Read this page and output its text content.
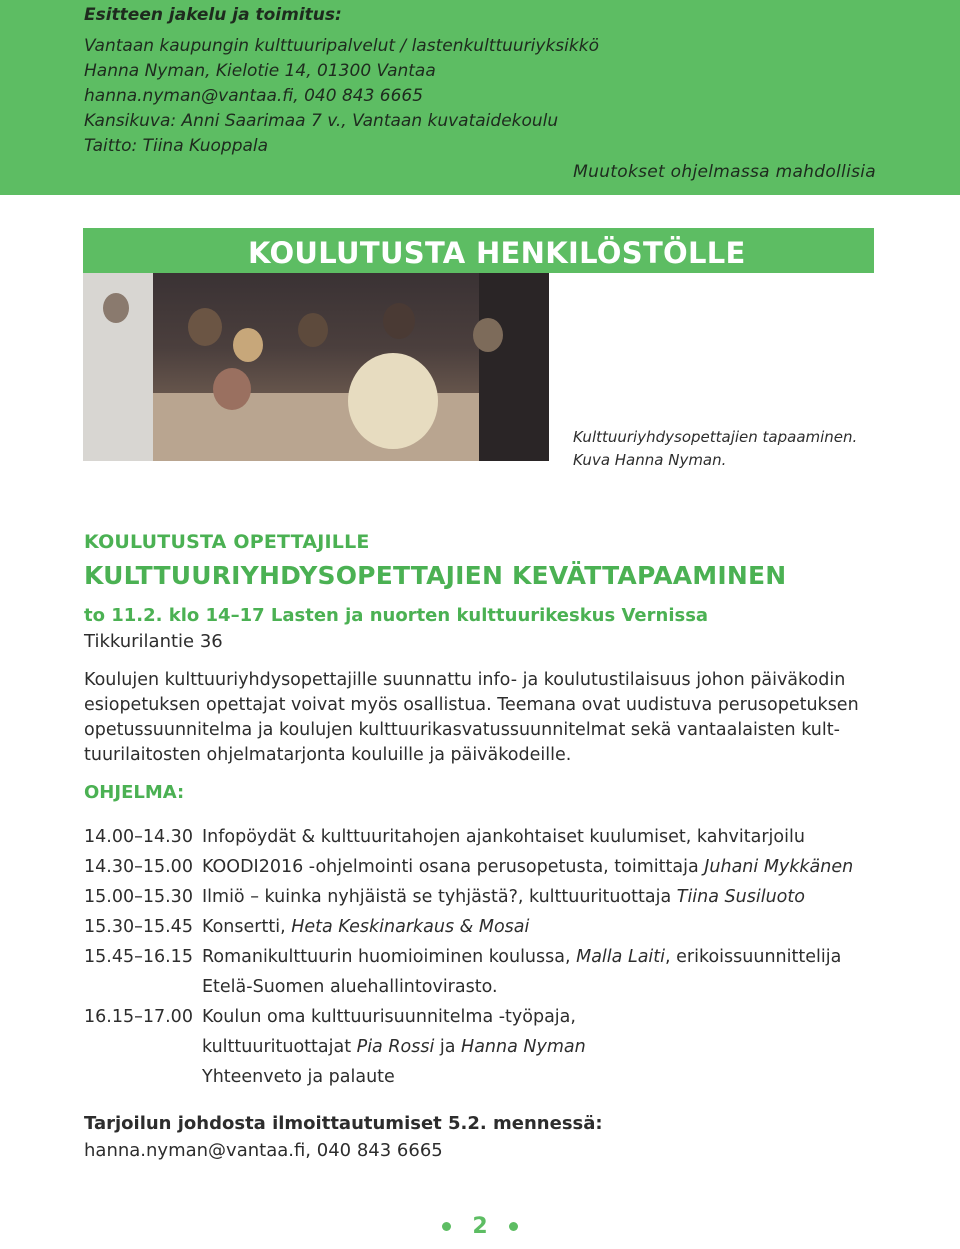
Esitteen jakelu ja toimitus:
Vantaan kaupungin kulttuuripalvelut / lastenkulttuuriyksikkö
Hanna Nyman, Kielotie 14, 01300 Vantaa
hanna.nyman@vantaa.fi, 040 843 6665
Kansikuva: Anni Saarimaa 7 v., Vantaan kuvataidekoulu
Taitto: Tiina Kuoppala
Muutokset ohjelmassa mahdollisia
KOULUTUSTA HENKILÖSTÖLLE
Kulttuuriyhdysopettajien tapaaminen.
Kuva Hanna Nyman.
KOULUTUSTA OPETTAJILLE
KULTTUURIYHDYSOPETTAJIEN KEVÄTTAPAAMINEN
to 11.2. klo 14–17 Lasten ja nuorten kulttuurikeskus Vernissa
Tikkurilantie 36
Koulujen kulttuuriyhdysopettajille suunnattu info- ja koulutustilaisuus johon päiväkodin
esiopetuksen opettajat voivat myös osallistua. Teemana ovat uudistuva perusopetuksen
opetussuunnitelma ja koulujen kulttuurikasvatussuunnitelmat sekä vantaalaisten kult-
tuurilaitosten ohjelmatarjonta kouluille ja päiväkodeille.
OHJELMA:
14.00–14.30 Infopöydät & kulttuuritahojen ajankohtaiset kuulumiset, kahvitarjoilu
14.30–15.00 KOODI2016 -ohjelmointi osana perusopetusta, toimittaja Juhani Mykkänen
15.00–15.30 Ilmiö – kuinka nyhjäistä se tyhjästä?, kulttuurituottaja Tiina Susiluoto
15.30–15.45 Konsertti, Heta Keskinarkaus & Mosai
15.45–16.15 Romanikulttuurin huomioiminen koulussa, Malla Laiti, erikoissuunnittelija
Etelä-Suomen aluehallintovirasto.
16.15–17.00 Koulun oma kulttuurisuunnitelma -työpaja,
kulttuurituottajat Pia Rossi ja Hanna Nyman
Yhteenveto ja palaute
Tarjoilun johdosta ilmoittautumiset 5.2. mennessä:
hanna.nyman@vantaa.fi, 040 843 6665
2
